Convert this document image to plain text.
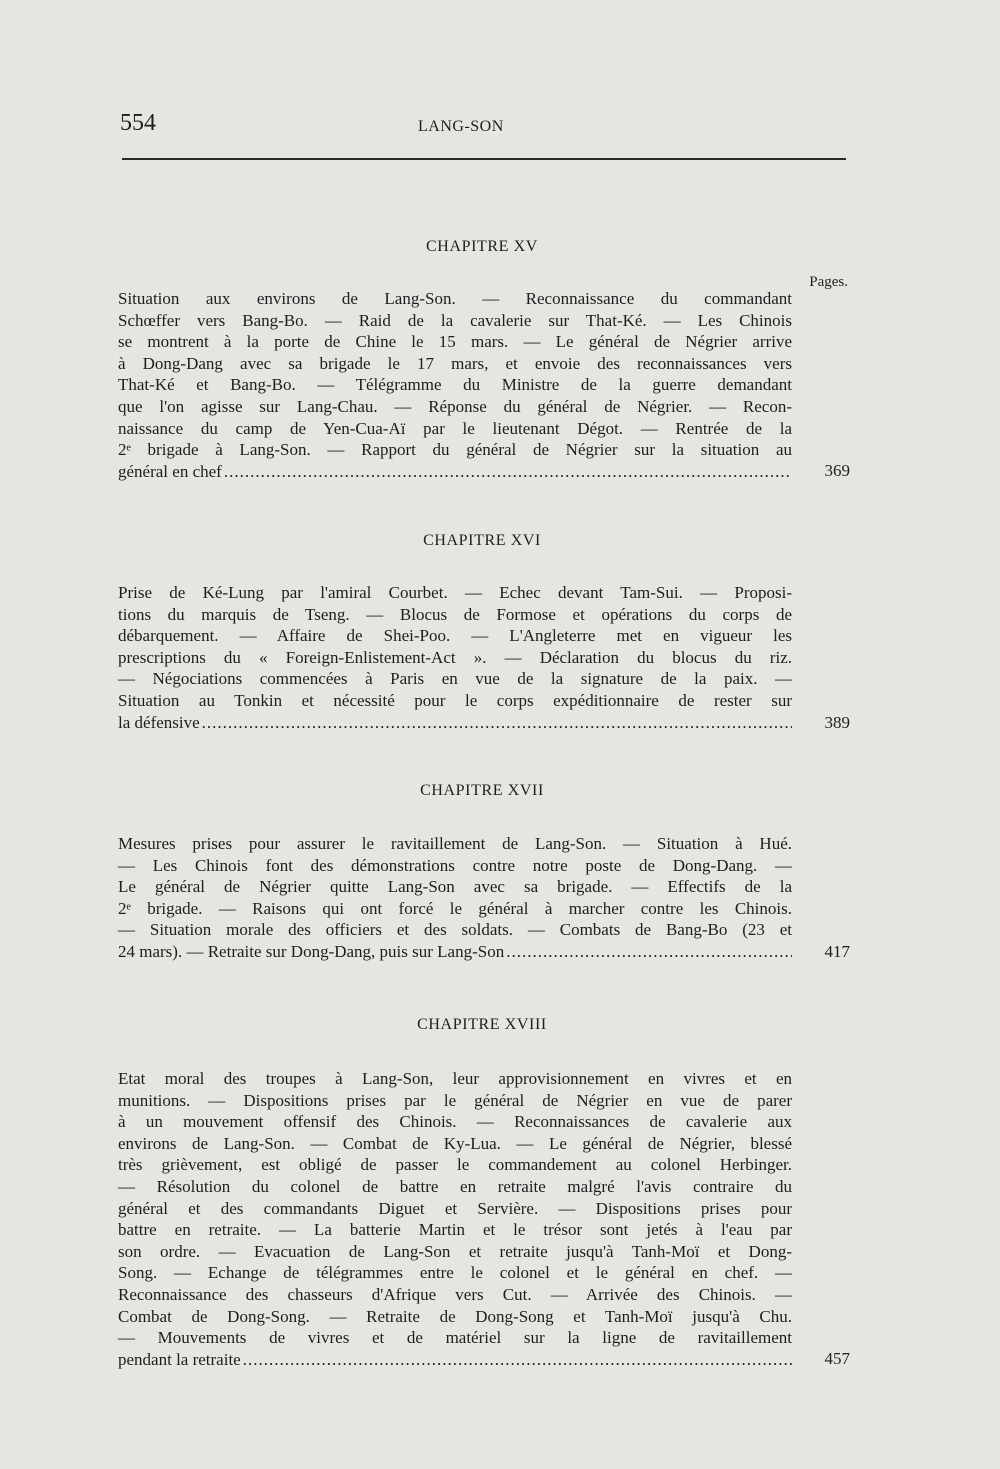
554	LANG-SON
CHAPITRE XV
Pages.

Situation aux environs de Lang-Son. — Reconnaissance du commandant

Schœffer vers Bang-Bo. — Raid de la cavalerie sur That-Ké. — Les Chinois

se montrent à la porte de Chine le 15 mars. — Le général de Négrier arrive

à Dong-Dang avec sa brigade le 17 mars, et envoie des reconnaissances vers

That-Ké et Bang-Bo. — Télégramme du Ministre de la guerre demandant

que l'on agisse sur Lang-Chau. — Réponse du général de Négrier. — Recon-

naissance du camp de Yen-Cua-Aï par le lieutenant Dégot. — Rentrée de la

2ᵉ brigade à Lang-Son. — Rapport du général de Négrier sur la situation au

général en chef .....	369
CHAPITRE XVI

Prise de Ké-Lung par l'amiral Courbet. — Echec devant Tam-Sui. — Proposi-

tions du marquis de Tseng. — Blocus de Formose et opérations du corps de

débarquement. — Affaire de Shei-Poo. — L'Angleterre met en vigueur les

prescriptions du « Foreign-Enlistement-Act ». — Déclaration du blocus du riz.

— Négociations commencées à Paris en vue de la signature de la paix. —

Situation au Tonkin et nécessité pour le corps expéditionnaire de rester sur

la défensive .....	389
CHAPITRE XVII

Mesures prises pour assurer le ravitaillement de Lang-Son. — Situation à Hué.

— Les Chinois font des démonstrations contre notre poste de Dong-Dang. —

Le général de Négrier quitte Lang-Son avec sa brigade. — Effectifs de la

2ᵉ brigade. — Raisons qui ont forcé le général à marcher contre les Chinois.

— Situation morale des officiers et des soldats. — Combats de Bang-Bo (23 et

24 mars). — Retraite sur Dong-Dang, puis sur Lang-Son .....	417
CHAPITRE XVIII

Etat moral des troupes à Lang-Son, leur approvisionnement en vivres et en

munitions. — Dispositions prises par le général de Négrier en vue de parer

à un mouvement offensif des Chinois. — Reconnaissances de cavalerie aux

environs de Lang-Son. — Combat de Ky-Lua. — Le général de Négrier, blessé

très grièvement, est obligé de passer le commandement au colonel Herbinger.

— Résolution du colonel de battre en retraite malgré l'avis contraire du

général et des commandants Diguet et Servière. — Dispositions prises pour

battre en retraite. — La batterie Martin et le trésor sont jetés à l'eau par

son ordre. — Evacuation de Lang-Son et retraite jusqu'à Tanh-Moï et Dong-

Song. — Echange de télégrammes entre le colonel et le général en chef. —

Reconnaissance des chasseurs d'Afrique vers Cut. — Arrivée des Chinois. —

Combat de Dong-Song. — Retraite de Dong-Song et Tanh-Moï jusqu'à Chu.

— Mouvements de vivres et de matériel sur la ligne de ravitaillement

pendant la retraite .....	457
